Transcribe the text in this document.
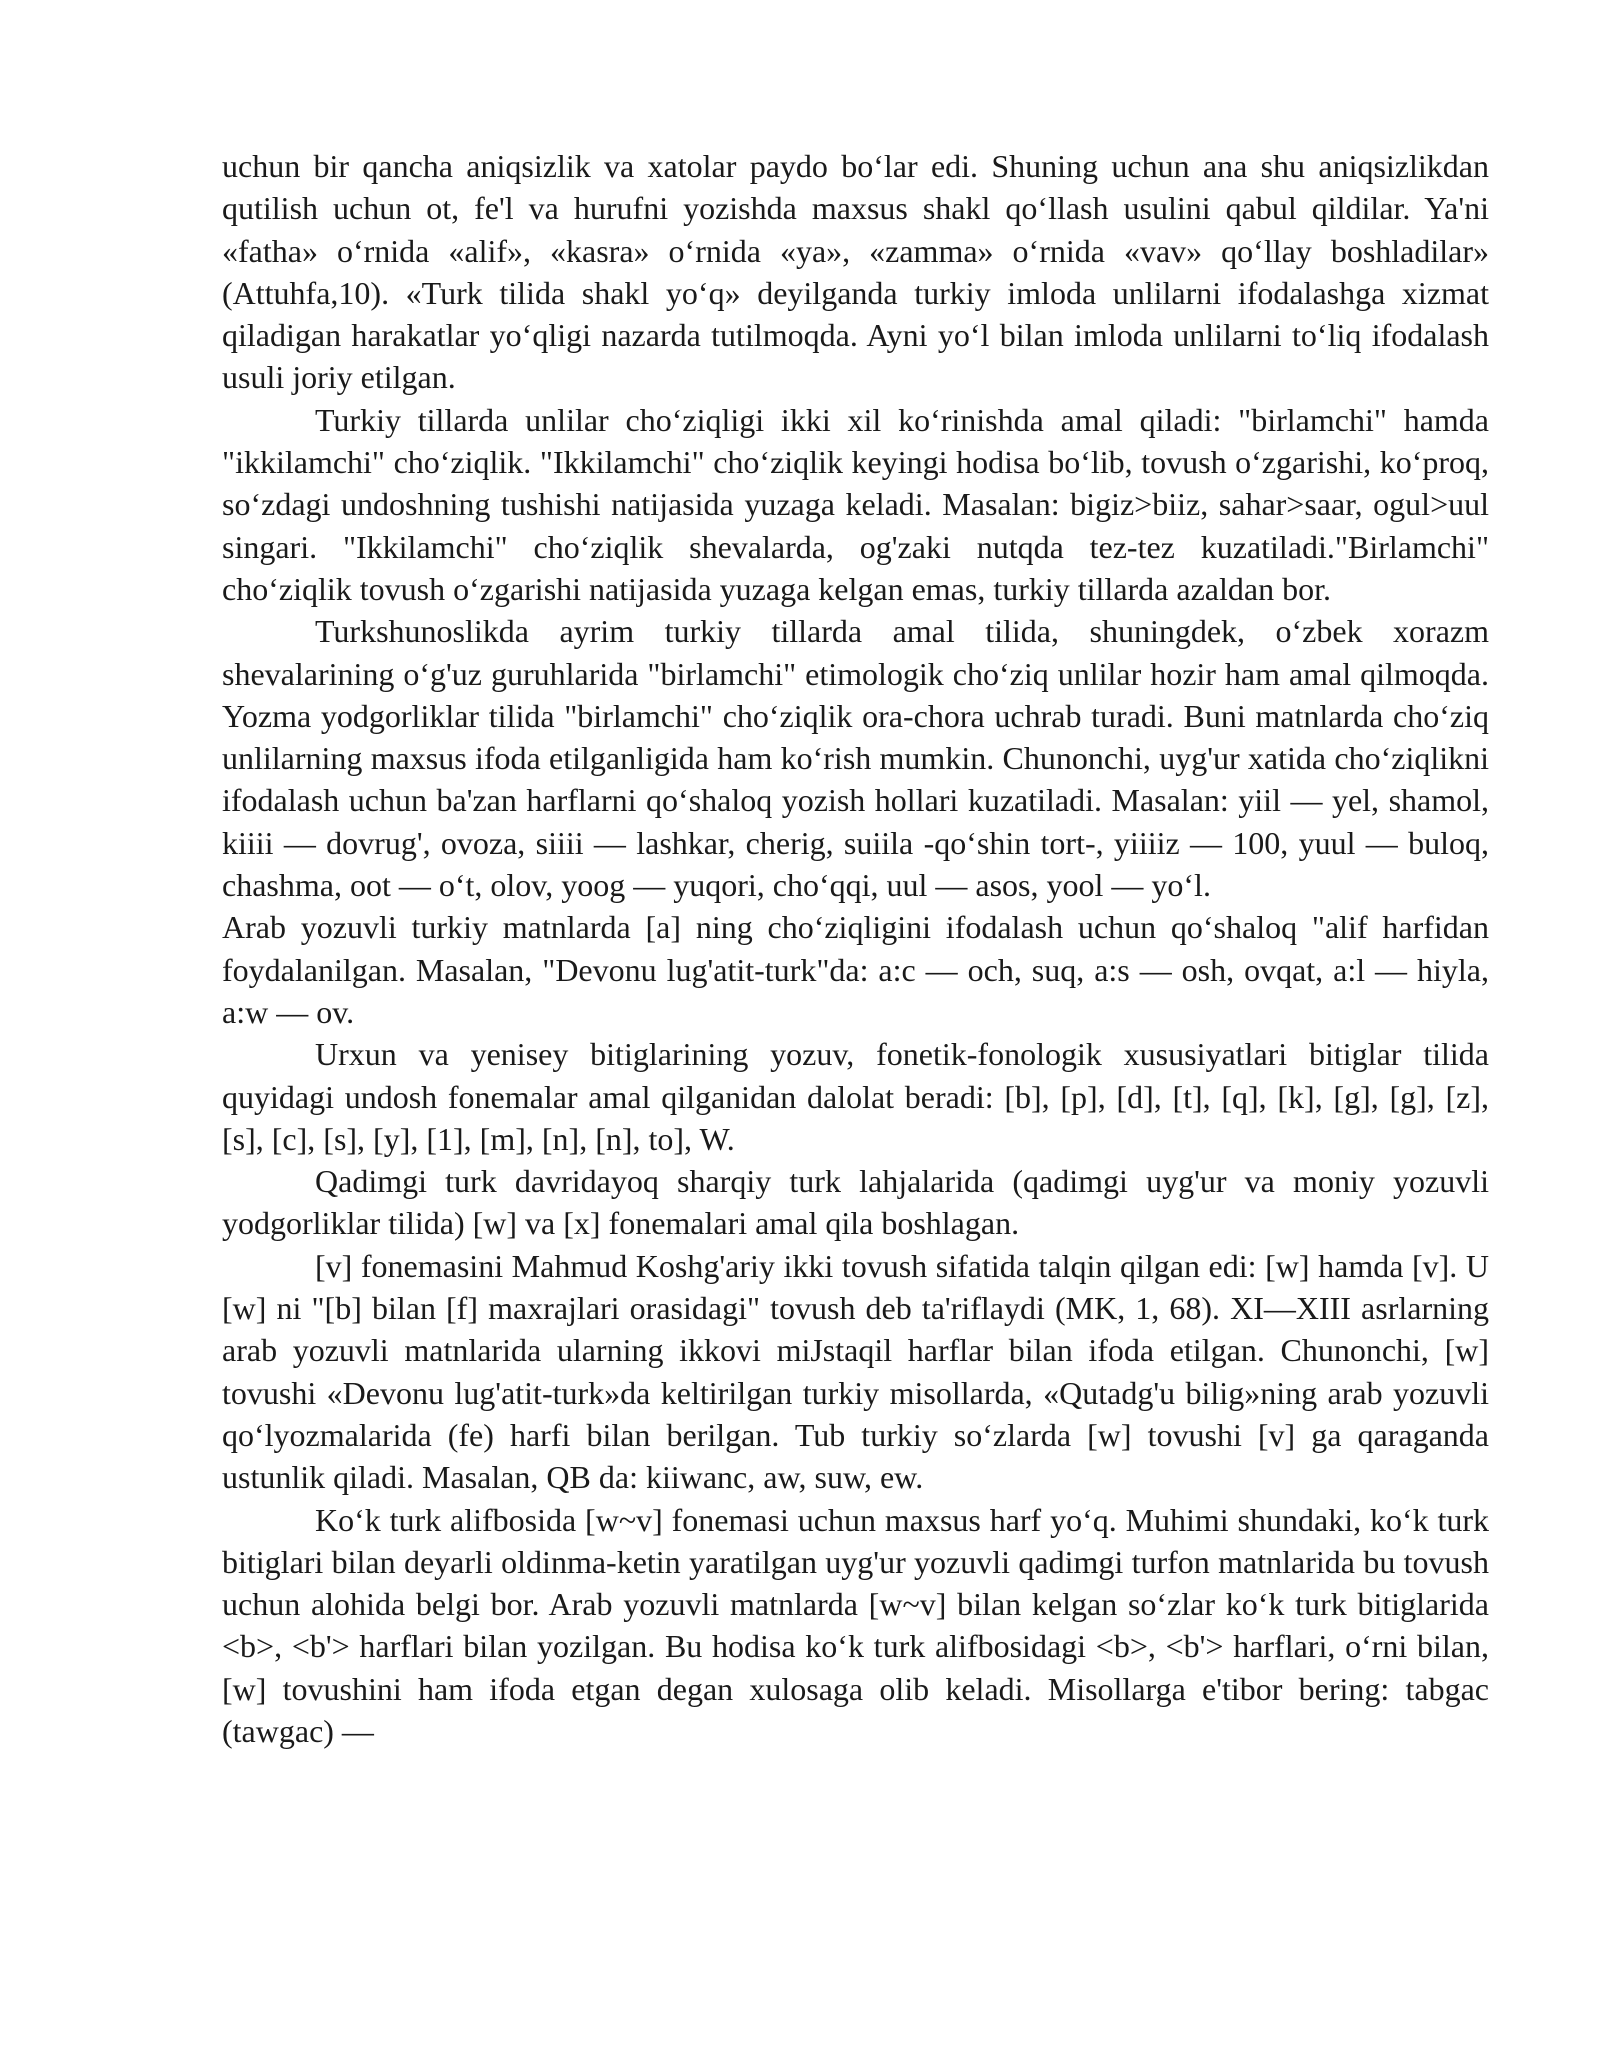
uchun bir qancha aniqsizlik va xatolar paydo bo‘lar edi. Shuning uchun ana shu aniqsizlikdan qutilish uchun ot, fe'l va hurufni yozishda maxsus shakl qo‘llash usulini qabul qildilar. Ya'ni «fatha» o‘rnida «alif», «kasra» o‘rnida «ya», «zamma» o‘rnida «vav» qo‘llay boshladilar» (Attuhfa,10). «Turk tilida shakl yo‘q» deyilganda turkiy imloda unlilarni ifodalashga xizmat qiladigan harakatlar yo‘qligi nazarda tutilmoqda. Ayni yo‘l bilan imloda unlilarni to‘liq ifodalash usuli joriy etilgan.

Turkiy tillarda unlilar cho‘ziqligi ikki xil ko‘rinishda amal qiladi: "birlamchi" hamda "ikkilamchi" cho‘ziqlik. "Ikkilamchi" cho‘ziqlik keyingi hodisa bo‘lib, tovush o‘zgarishi, ko‘proq, so‘zdagi undoshning tushishi natijasida yuzaga keladi. Masalan: bigiz>biiz, sahar>saar, ogul>uul singari. "Ikkilamchi" cho‘ziqlik shevalarda, og'zaki nutqda tez-tez kuzatiladi."Birlamchi" cho‘ziqlik tovush o‘zgarishi natijasida yuzaga kelgan emas, turkiy tillarda azaldan bor.

Turkshunoslikda ayrim turkiy tillarda amal tilida, shuningdek, o‘zbek xorazm shevalarining o‘g'uz guruhlarida "birlamchi" etimologik cho‘ziq unlilar hozir ham amal qilmoqda. Yozma yodgorliklar tilida "birlamchi" cho‘ziqlik ora-chora uchrab turadi. Buni matnlarda cho‘ziq unlilarning maxsus ifoda etilganligida ham ko‘rish mumkin. Chunonchi, uyg'ur xatida cho‘ziqlikni ifodalash uchun ba'zan harflarni qo‘shaloq yozish hollari kuzatiladi. Masalan: yiil — yel, shamol, kiiii — dovrug', ovoza, siiii — lashkar, cherig, suiila -qo‘shin tort-, yiiiiz — 100, yuul — buloq, chashma, oot — o‘t, olov, yoog — yuqori, cho‘qqi, uul — asos, yool — yo‘l.

Arab yozuvli turkiy matnlarda [a] ning cho‘ziqligini ifodalash uchun qo‘shaloq "alif harfidan foydalanilgan. Masalan, "Devonu lug'atit-turk"da: a:c — och, suq, a:s — osh, ovqat, a:l — hiyla, a:w — ov.

Urxun va yenisey bitiglarining yozuv, fonetik-fonologik xususiyatlari bitiglar tilida quyidagi undosh fonemalar amal qilganidan dalolat beradi: [b], [p], [d], [t], [q], [k], [g], [g], [z], [s], [c], [s], [y], [1], [m], [n], [n], to], W.

Qadimgi turk davridayoq sharqiy turk lahjalarida (qadimgi uyg'ur va moniy yozuvli yodgorliklar tilida) [w] va [x] fonemalari amal qila boshlagan.

[v] fonemasini Mahmud Koshg'ariy ikki tovush sifatida talqin qilgan edi: [w] hamda [v]. U [w] ni "[b] bilan [f] maxrajlari orasidagi" tovush deb ta'riflaydi (MK, 1, 68). XI—XIII asrlarning arab yozuvli matnlarida ularning ikkovi miJstaqil harflar bilan ifoda etilgan. Chunonchi, [w] tovushi «Devonu lug'atit-turk»da keltirilgan turkiy misollarda, «Qutadg'u bilig»ning arab yozuvli qo‘lyozmalarida (fe) harfi bilan berilgan. Tub turkiy so‘zlarda [w] tovushi [v] ga qaraganda ustunlik qiladi. Masalan, QB da: kiiwanc, aw, suw, ew.

Ko‘k turk alifbosida [w~v] fonemasi uchun maxsus harf yo‘q. Muhimi shundaki, ko‘k turk bitiglari bilan deyarli oldinma-ketin yaratilgan uyg'ur yozuvli qadimgi turfon matnlarida bu tovush uchun alohida belgi bor. Arab yozuvli matnlarda [w~v] bilan kelgan so‘zlar ko‘k turk bitiglarida <b>, <b'> harflari bilan yozilgan. Bu hodisa ko‘k turk alifbosidagi <b>, <b'> harflari, o‘rni bilan, [w] tovushini ham ifoda etgan degan xulosaga olib keladi. Misollarga e'tibor bering: tabgac (tawgac) —
